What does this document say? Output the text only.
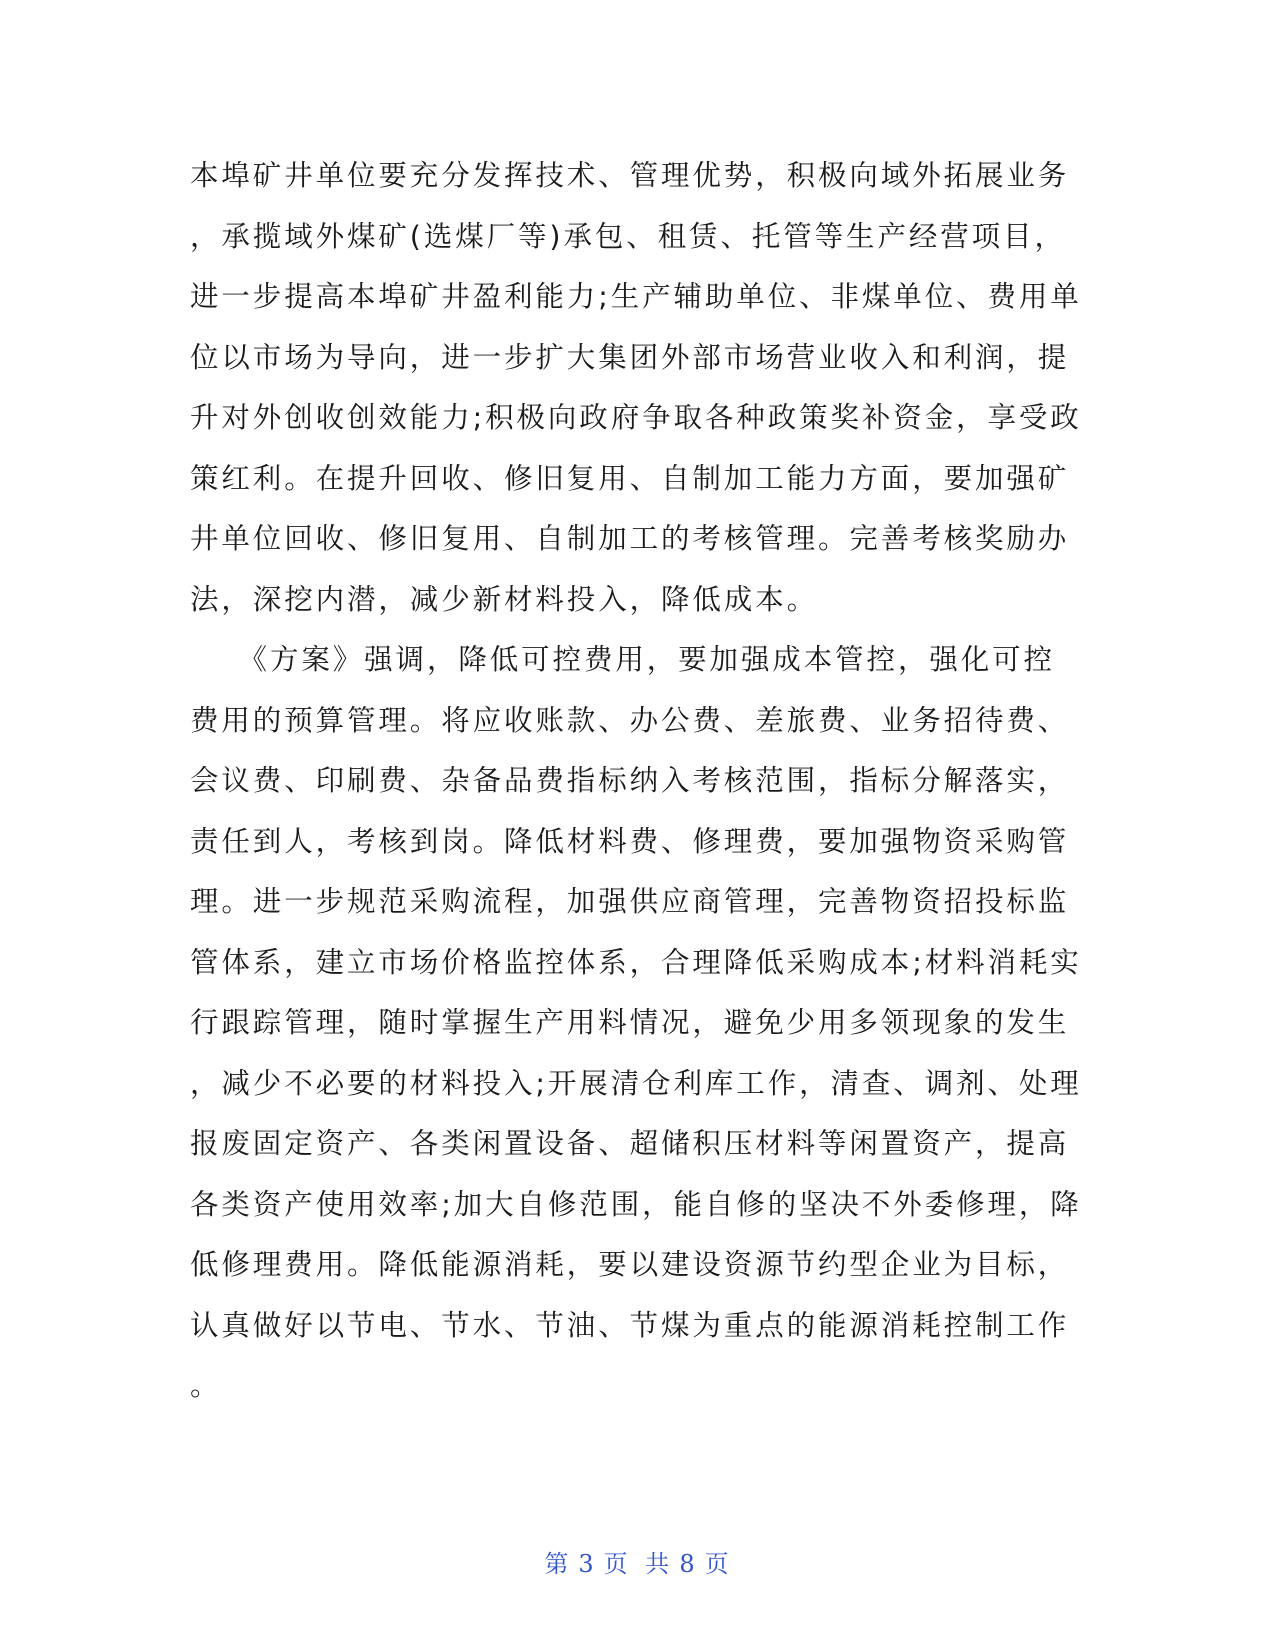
本埠矿井单位要充分发挥技术、管理优势，积极向域外拓展业务
，承揽域外煤矿(选煤厂等)承包、租赁、托管等生产经营项目，
进一步提高本埠矿井盈利能力;生产辅助单位、非煤单位、费用单
位以市场为导向，进一步扩大集团外部市场营业收入和利润，提
升对外创收创效能力;积极向政府争取各种政策奖补资金，享受政
策红利。在提升回收、修旧复用、自制加工能力方面，要加强矿
井单位回收、修旧复用、自制加工的考核管理。完善考核奖励办
法，深挖内潜，减少新材料投入，降低成本。
　　《方案》强调，降低可控费用，要加强成本管控，强化可控
费用的预算管理。将应收账款、办公费、差旅费、业务招待费、
会议费、印刷费、杂备品费指标纳入考核范围，指标分解落实，
责任到人，考核到岗。降低材料费、修理费，要加强物资采购管
理。进一步规范采购流程，加强供应商管理，完善物资招投标监
管体系，建立市场价格监控体系，合理降低采购成本;材料消耗实
行跟踪管理，随时掌握生产用料情况，避免少用多领现象的发生
，减少不必要的材料投入;开展清仓利库工作，清查、调剂、处理
报废固定资产、各类闲置设备、超储积压材料等闲置资产，提高
各类资产使用效率;加大自修范围，能自修的坚决不外委修理，降
低修理费用。降低能源消耗，要以建设资源节约型企业为目标，
认真做好以节电、节水、节油、节煤为重点的能源消耗控制工作
。
第 3 页 共 8 页
